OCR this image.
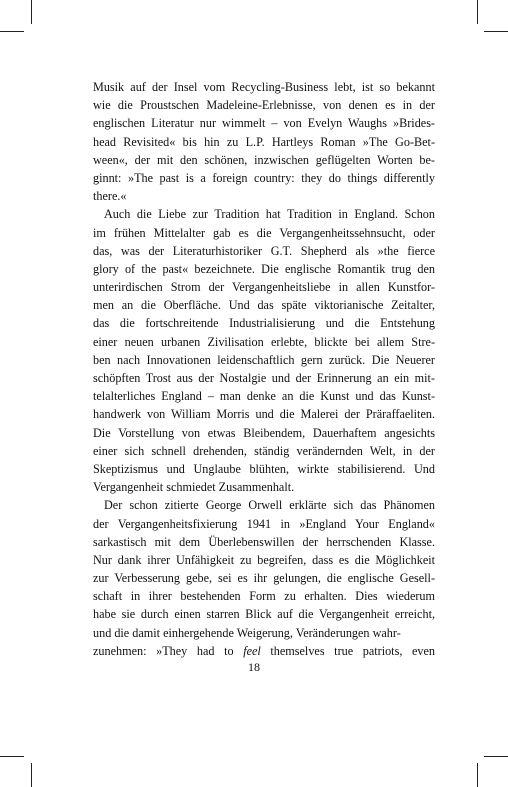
Musik auf der Insel vom Recycling-Business lebt, ist so bekannt
wie die Proustschen Madeleine-Erlebnisse, von denen es in der
englischen Literatur nur wimmelt – von Evelyn Waughs »Brides-
head Revisited« bis hin zu L.P. Hartleys Roman »The Go-Bet-
ween«, der mit den schönen, inzwischen geflügelten Worten be-
ginnt: »The past is a foreign country: they do things differently
there.«
Auch die Liebe zur Tradition hat Tradition in England. Schon
im frühen Mittelalter gab es die Vergangenheitssehnsucht, oder
das, was der Literaturhistoriker G.T. Shepherd als »the fierce
glory of the past« bezeichnete. Die englische Romantik trug den
unterirdischen Strom der Vergangenheitsliebe in allen Kunstfor-
men an die Oberfläche. Und das späte viktorianische Zeitalter,
das die fortschreitende Industrialisierung und die Entstehung
einer neuen urbanen Zivilisation erlebte, blickte bei allem Stre-
ben nach Innovationen leidenschaftlich gern zurück. Die Neuerer
schöpften Trost aus der Nostalgie und der Erinnerung an ein mit-
telalterliches England – man denke an die Kunst und das Kunst-
handwerk von William Morris und die Malerei der Präraffaeliten.
Die Vorstellung von etwas Bleibendem, Dauerhaftem angesichts
einer sich schnell drehenden, ständig verändernden Welt, in der
Skeptizismus und Unglaube blühten, wirkte stabilisierend. Und
Vergangenheit schmiedet Zusammenhalt.
Der schon zitierte George Orwell erklärte sich das Phänomen
der Vergangenheitsfixierung 1941 in »England Your England«
sarkastisch mit dem Überlebenswillen der herrschenden Klasse.
Nur dank ihrer Unfähigkeit zu begreifen, dass es die Möglichkeit
zur Verbesserung gebe, sei es ihr gelungen, die englische Gesell-
schaft in ihrer bestehenden Form zu erhalten. Dies wiederum
habe sie durch einen starren Blick auf die Vergangenheit erreicht,
und die damit einhergehende Weigerung, Veränderungen wahr-
zunehmen: »They had to feel themselves true patriots, even
18
